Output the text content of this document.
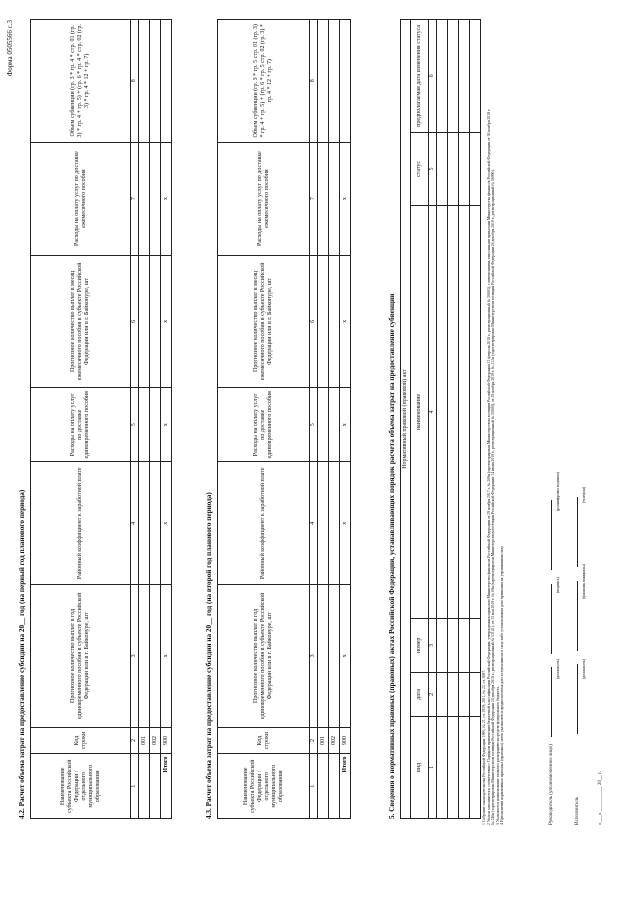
Форма 0505566 с.3
4.2. Расчет объема затрат на предоставление субсидии на 20__ год (на первый год планового периода)	Наименование субъекта Российской Федерации / отдельного муниципального образования	Код строки	Прогнозное количество выплат в год единовременного пособия в субъекте Российской Федерации или в г. Байконуре, шт	Районный коэффициент к заработной плате	Расходы на оплату услуг по доставке единовременного пособия	Прогнозное количество выплат в месяц ежемесячного пособия в субъекте Российской Федерации или в г. Байконуре, шт	Расходы на оплату услуг по доставке ежемесячного пособия	Объем субвенции (гр. 3 * гр. 4 * стр. 01 (гр. 3) * гр. 4 + гр. 5) + (гр. 6 * гр. 4 * стр. 02 (гр. 3) * гр. 4 * 12 + гр. 7)
1	2	3	4	5	6	7	8
	001						
	002						
Итого	900	x	x	x	x	x	
4.3. Расчет объема затрат на предоставление субсидии на 20__ год (на второй год планового периода)	Наименование субъекта Российской Федерации / отдельного муниципального образования	Код строки	Прогнозное количество выплат в год единовременного пособия в субъекте Российской Федерации или в г. Байконуре, шт	Районный коэффициент к заработной плате	Расходы на оплату услуг по доставке единовременного пособия	Прогнозное количество выплат в месяц ежемесячного пособия в субъекте Российской Федерации или в г. Байконуре, шт	Расходы на оплату услуг по доставке ежемесячного пособия	Объем субвенции (гр. 3 * гр. 5 стр. 01 (гр. 3) * гр. 4 + гр. 5) + (гр. 6 * гр. 5 стр. 02 (гр. 3) * гр. 4 * 12 + гр. 7)
1	2	3	4	5	6	7	8
	001						
	002						
Итого	900	x	x	x	x	x	
5. Сведения о нормативных правовых (правовых) актах Российской Федерации, устанавливающих порядок расчета объема затрат на предоставление субвенции Нормативный правовой (правовой) акт					
вид	дата	номер	наименование	статус	предполагаемая дата изменения статуса
1	2	3	4	5	6

1 Собрание законодательства Российской Федерации, 1995, № 21, ст. 1929; 2011, № 22, ст. 3087. 2 Указан заполняется в соответствии с Порядком применения бюджетной классификации Российской Федерации, утвержденным приказом Министерства финансов Российской Федерации от 29 ноября 2017 г. № 209н (зарегистрирован Министерством юстиции Российской Федерации 12 февраля 2018 г., регистрационный № 50003), с изменениями, внесенными приказами Министерства финансов Российской Федерации от 30 ноября 2018 г. № 246н (зарегистрирован Министерством юстиции Российской Федерации 24 декабря 2018 г., регистрационный № 53141), от 13 мая 2019 г. № 69н (зарегистрирован Министерством юстиции Российской Федерации 14 июня 2019 г., регистрационный № 55000), от 29 ноября 2019 г. № 212н (зарегистрирован Министерством юстиции Российской Федерации 26 декабря 2019 г., регистрационный № 56990). 3 Указывается наименование главного распорядителя средств федерального бюджета. 4 При наличии нормативных правовых (правовых) актов указываются предполагаемая дата вступления их в силу либо установленная дата признания их утратившими силу.	Руководитель (уполномоченное лицо)
(должность)
(подпись)
(расшифровка подписи)
Исполнитель
(должность)
(фамилия, инициалы)
(телефон)
«___» __________ 20__ г.
